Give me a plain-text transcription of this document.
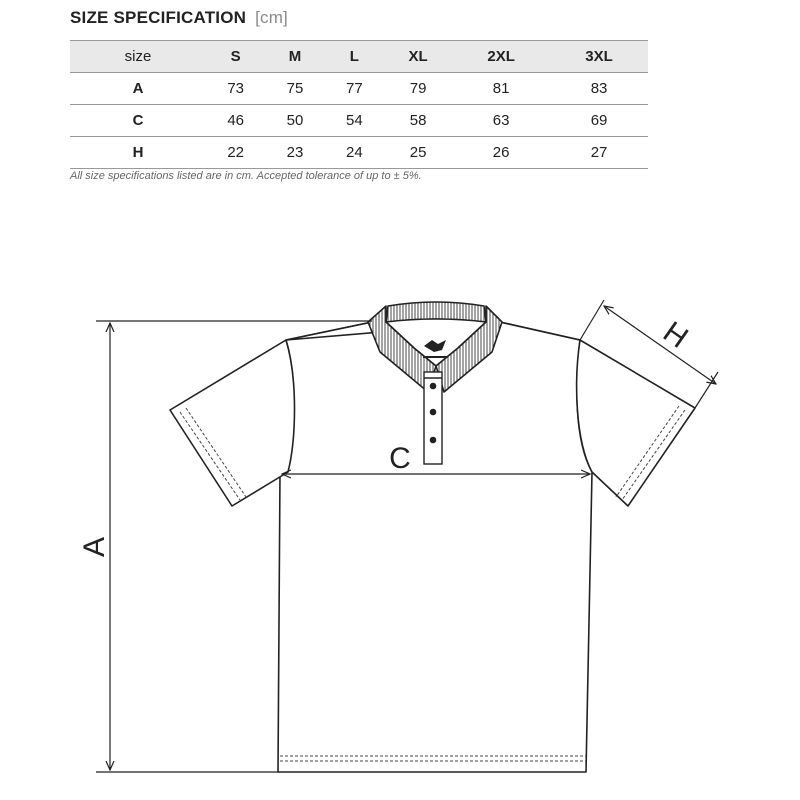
SIZE SPECIFICATION [cm]
size	S	M	L	XL	2XL	3XL
A	73	75	77	79	81	83
C	46	50	54	58	63	69
H	22	23	24	25	26	27
All size specifications listed are in cm. Accepted tolerance of up to ± 5%.
A
C
H
